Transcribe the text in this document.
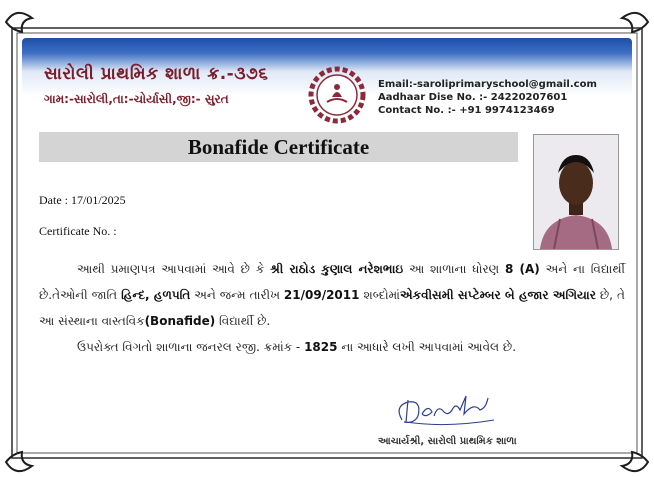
સારોલી પ્રાથમિક શાળા ક્ર.-૩૭૬
ગામ:-સારોલી,તા:-ચોર્યાસી,જી:- સુરત
Email:-saroliprimaryschool@gmail.com
Aadhaar Dise No. :- 24220207601
Contact No. :- +91 9974123469
Bonafide Certificate
Date : 17/01/2025
Certificate No. :
આથી પ્રમાણપત્ર આપવામાં આવે છે કે શ્રી રાઠોડ કુણાલ નરેશભાઇ આ શાળાના ધોરણ 8 (A) અને ના વિદ્યાર્થી છે.તેઓની જાતિ હિન્દ, હળપતિ અને જન્મ તારીખ 21/09/2011 શબ્દોમાંએકવીસમી સપ્ટેમ્બર બે હજાર અગિયાર છે, તે આ સંસ્થાના વાસ્તવિક(Bonafide) વિદ્યાર્થી છે.
ઉપરોક્ત વિગતો શાળાના જનરલ રજી. ક્રમાંક - 1825 ના આધારે લખી આપવામાં આવેલ છે.
આચાર્યશ્રી, સારોલી પ્રાથમિક શાળા
